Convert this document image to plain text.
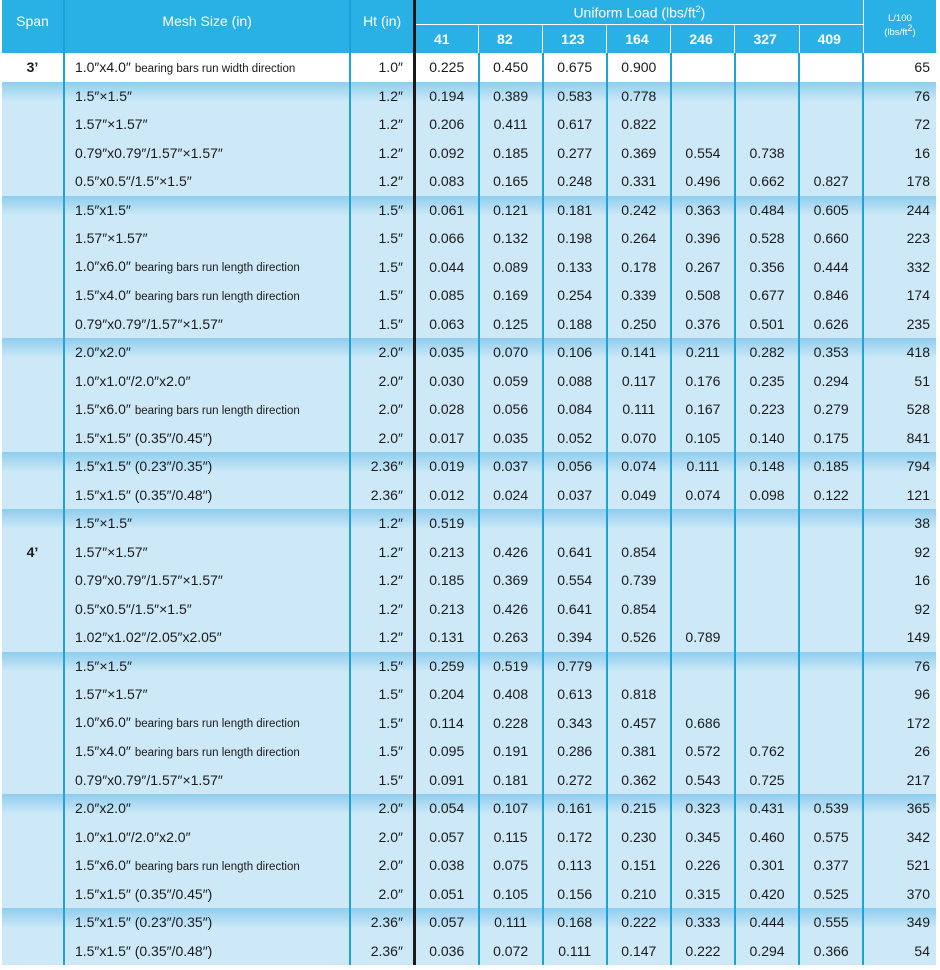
Span	Mesh Size (in)	Ht (in)	Uniform Load $(lbs/ft^2)$							L/100
(lbs/ft2)
			41	82	123	164	246	327	409	
3’	1.0″x4.0″ bearing bars run width direction	1.0″	0.225	0.450	0.675	0.900				65
	1.5″×1.5″	1.2″	0.194	0.389	0.583	0.778				76
	1.57″×1.57″	1.2″	0.206	0.411	0.617	0.822				72
	0.79″x0.79″/1.57″×1.57″	1.2″	0.092	0.185	0.277	0.369	0.554	0.738		16
	0.5″x0.5″/1.5″×1.5″	1.2″	0.083	0.165	0.248	0.331	0.496	0.662	0.827	178
	1.5″x1.5″	1.5″	0.061	0.121	0.181	0.242	0.363	0.484	0.605	244
	1.57″×1.57″	1.5″	0.066	0.132	0.198	0.264	0.396	0.528	0.660	223
	1.0″x6.0″ bearing bars run length direction	1.5″	0.044	0.089	0.133	0.178	0.267	0.356	0.444	332
	1.5″x4.0″ bearing bars run length direction	1.5″	0.085	0.169	0.254	0.339	0.508	0.677	0.846	174
	0.79″x0.79″/1.57″×1.57″	1.5″	0.063	0.125	0.188	0.250	0.376	0.501	0.626	235
	2.0″x2.0″	2.0″	0.035	0.070	0.106	0.141	0.211	0.282	0.353	418
	1.0″x1.0″/2.0″x2.0″	2.0″	0.030	0.059	0.088	0.117	0.176	0.235	0.294	51
	1.5″x6.0″ bearing bars run length direction	2.0″	0.028	0.056	0.084	0.111	0.167	0.223	0.279	528
	1.5″x1.5″ (0.35″/0.45″)	2.0″	0.017	0.035	0.052	0.070	0.105	0.140	0.175	841
	1.5″x1.5″ (0.23″/0.35″)	2.36″	0.019	0.037	0.056	0.074	0.111	0.148	0.185	794
	1.5″x1.5″ (0.35″/0.48″)	2.36″	0.012	0.024	0.037	0.049	0.074	0.098	0.122	121
	1.5″×1.5″	1.2″	0.519							38
4’	1.57″×1.57″	1.2″	0.213	0.426	0.641	0.854				92
	0.79″x0.79″/1.57″×1.57″	1.2″	0.185	0.369	0.554	0.739				16
	0.5″x0.5″/1.5″×1.5″	1.2″	0.213	0.426	0.641	0.854				92
	1.02″x1.02″/2.05″x2.05″	1.2″	0.131	0.263	0.394	0.526	0.789			149
	1.5″×1.5″	1.5″	0.259	0.519	0.779					76
	1.57″×1.57″	1.5″	0.204	0.408	0.613	0.818				96
	1.0″x6.0″ bearing bars run length direction	1.5″	0.114	0.228	0.343	0.457	0.686			172
	1.5″x4.0″ bearing bars run length direction	1.5″	0.095	0.191	0.286	0.381	0.572	0.762		26
	0.79″x0.79″/1.57″×1.57″	1.5″	0.091	0.181	0.272	0.362	0.543	0.725		217
	2.0″x2.0″	2.0″	0.054	0.107	0.161	0.215	0.323	0.431	0.539	365
	1.0″x1.0″/2.0″x2.0″	2.0″	0.057	0.115	0.172	0.230	0.345	0.460	0.575	342
	1.5″x6.0″ bearing bars run length direction	2.0″	0.038	0.075	0.113	0.151	0.226	0.301	0.377	521
	1.5″x1.5″ (0.35″/0.45″)	2.0″	0.051	0.105	0.156	0.210	0.315	0.420	0.525	370
	1.5″x1.5″ (0.23″/0.35″)	2.36″	0.057	0.111	0.168	0.222	0.333	0.444	0.555	349
	1.5″x1.5″ (0.35″/0.48″)	2.36″	0.036	0.072	0.111	0.147	0.222	0.294	0.366	54
